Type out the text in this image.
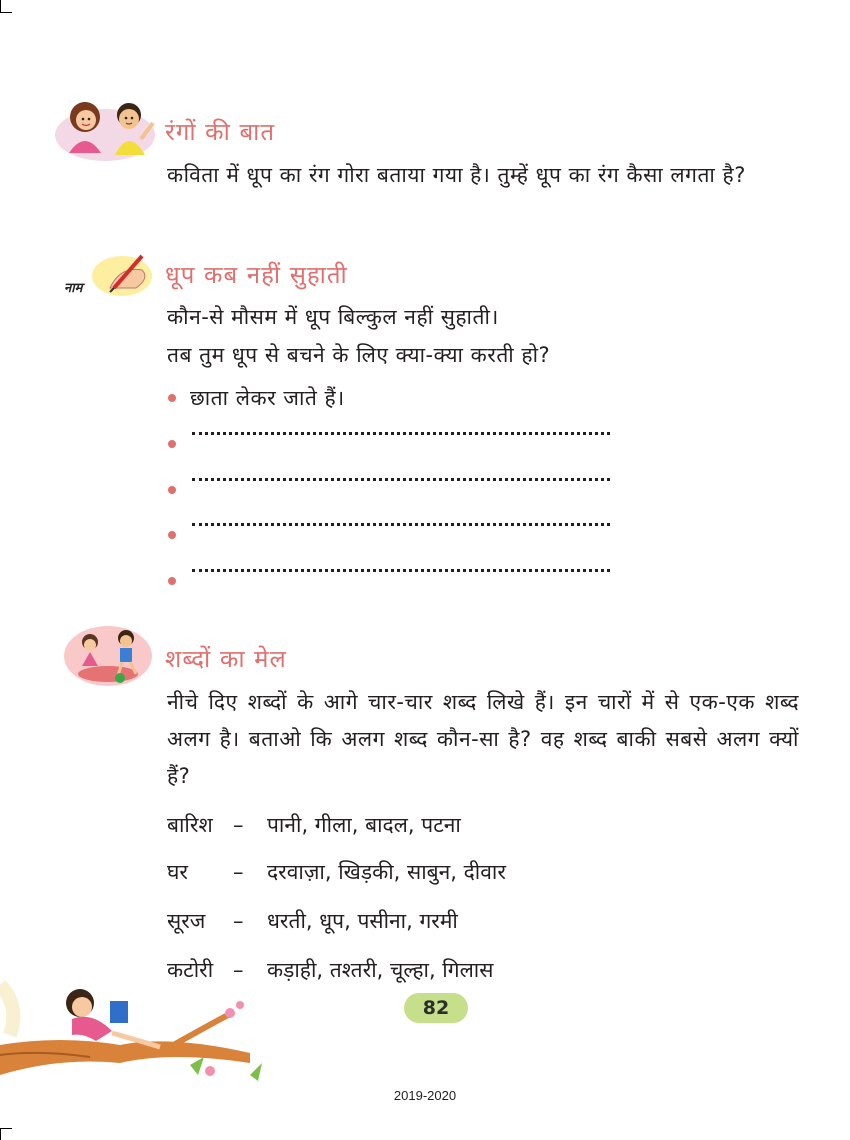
रंगों की बात

कविता में धूप का रंग गोरा बताया गया है। तुम्हें धूप का रंग कैसा लगता है?

नाम	धूप कब नहीं सुहाती
कौन-से मौसम में धूप बिल्कुल नहीं सुहाती।
तब तुम धूप से बचने के लिए क्या-क्या करती हो?
छाता लेकर जाते हैं।
शब्दों का मेल

नीचे दिए शब्दों के आगे चार-चार शब्द लिखे हैं। इन चारों में से एक-एक शब्द अलग है। बताओ कि अलग शब्द कौन-सा है? वह शब्द बाकी सबसे अलग क्यों हैं?

बारिश – पानी, गीला, बादल, पटना
घर – दरवाज़ा, खिड़की, साबुन, दीवार
सूरज – धरती, धूप, पसीना, गरमी
कटोरी – कड़ाही, तश्तरी, चूल्हा, गिलास
82
2019-2020
